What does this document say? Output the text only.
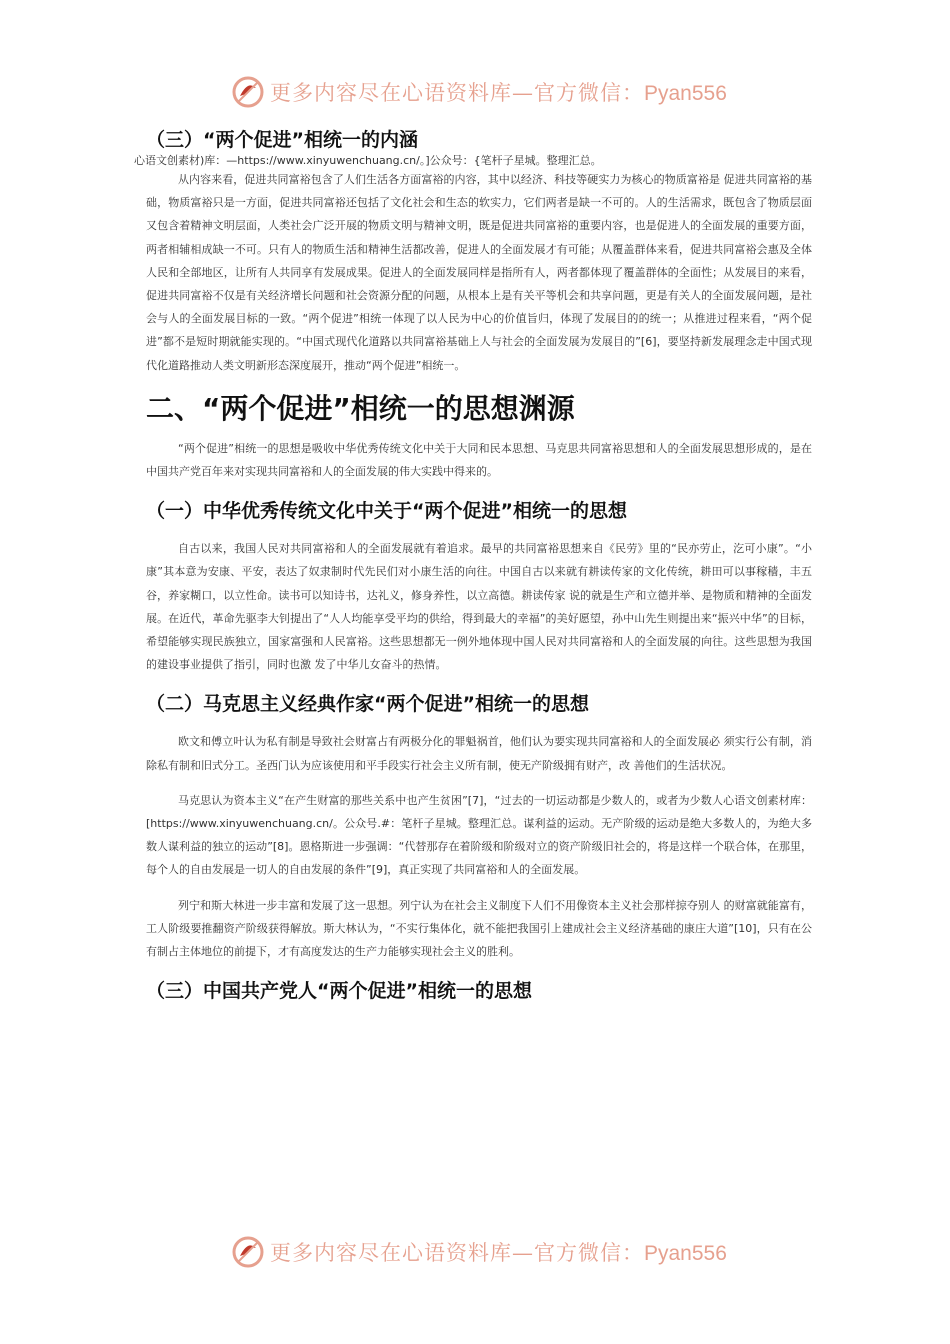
更多内容尽在心语资料库—官方微信：Pyan556
（三）“两个促进”相统一的内涵
心语文创素材)库：—https://www.xinyuwenchuang.cn/。]公众号：{笔杆子星城。整理汇总。

从内容来看，促进共同富裕包含了人们生活各方面富裕的内容，其中以经济、科技等硬实力为核心的物质富裕是 促进共同富裕的基础，物质富裕只是一方面，促进共同富裕还包括了文化社会和生态的软实力，它们两者是缺一不可的。人的生活需求，既包含了物质层面又包含着精神文明层面，人类社会广泛开展的物质文明与精神文明，既是促进共同富裕的重要内容，也是促进人的全面发展的重要方面，两者相辅相成缺一不可。只有人的物质生活和精神生活都改善，促进人的全面发展才有可能；从覆盖群体来看，促进共同富裕会惠及全体人民和全部地区，让所有人共同享有发展成果。促进人的全面发展同样是指所有人，两者都体现了覆盖群体的全面性；从发展目的来看，促进共同富裕不仅是有关经济增长问题和社会资源分配的问题，从根本上是有关平等机会和共享问题，更是有关人的全面发展问题，是社会与人的全面发展目标的一致。“两个促进”相统一体现了以人民为中心的价值旨归，体现了发展目的的统一；从推进过程来看，“两个促进”都不是短时期就能实现的。“中国式现代化道路以共同富裕基础上人与社会的全面发展为发展目的”[6]，要坚持新发展理念走中国式现代化道路推动人类文明新形态深度展开，推动“两个促进”相统一。

二、“两个促进”相统一的思想渊源

“两个促进”相统一的思想是吸收中华优秀传统文化中关于大同和民本思想、马克思共同富裕思想和人的全面发展思想形成的，是在中国共产党百年来对实现共同富裕和人的全面发展的伟大实践中得来的。

（一）中华优秀传统文化中关于“两个促进”相统一的思想

自古以来，我国人民对共同富裕和人的全面发展就有着追求。最早的共同富裕思想来自《民劳》里的“民亦劳止，汔可小康”。“小康”其本意为安康、平安，表达了奴隶制时代先民们对小康生活的向往。中国自古以来就有耕读传家的文化传统，耕田可以事稼穑，丰五谷，养家糊口，以立性命。读书可以知诗书，达礼义，修身养性，以立高德。耕读传家 说的就是生产和立德并举、是物质和精神的全面发展。在近代，革命先驱李大钊提出了“人人均能享受平均的供给，得到最大的幸福”的美好愿望，孙中山先生则提出来“振兴中华”的目标，希望能够实现民族独立，国家富强和人民富裕。这些思想都无一例外地体现中国人民对共同富裕和人的全面发展的向往。这些思想为我国的建设事业提供了指引，同时也激 发了中华儿女奋斗的热情。

（二）马克思主义经典作家“两个促进”相统一的思想

欧文和傅立叶认为私有制是导致社会财富占有两极分化的罪魁祸首，他们认为要实现共同富裕和人的全面发展必 须实行公有制，消除私有制和旧式分工。圣西门认为应该使用和平手段实行社会主义所有制，使无产阶级拥有财产，改 善他们的生活状况。

马克思认为资本主义“在产生财富的那些关系中也产生贫困”[7]，“过去的一切运动都是少数人的，或者为少数人心语文创素材库：[https://www.xinyuwenchuang.cn/。公众号.#：笔杆子星城。整理汇总。谋利益的运动。无产阶级的运动是绝大多数人的，为绝大多数人谋利益的独立的运动”[8]。恩格斯进一步强调：“代替那存在着阶级和阶级对立的资产阶级旧社会的，将是这样一个联合体，在那里，每个人的自由发展是一切人的自由发展的条件”[9]，真正实现了共同富裕和人的全面发展。

列宁和斯大林进一步丰富和发展了这一思想。列宁认为在社会主义制度下人们不用像资本主义社会那样掠夺别人 的财富就能富有，工人阶级要推翻资产阶级获得解放。斯大林认为，“不实行集体化，就不能把我国引上建成社会主义经济基础的康庄大道”[10]，只有在公有制占主体地位的前提下，才有高度发达的生产力能够实现社会主义的胜利。

（三）中国共产党人“两个促进”相统一的思想
更多内容尽在心语资料库—官方微信：Pyan556
